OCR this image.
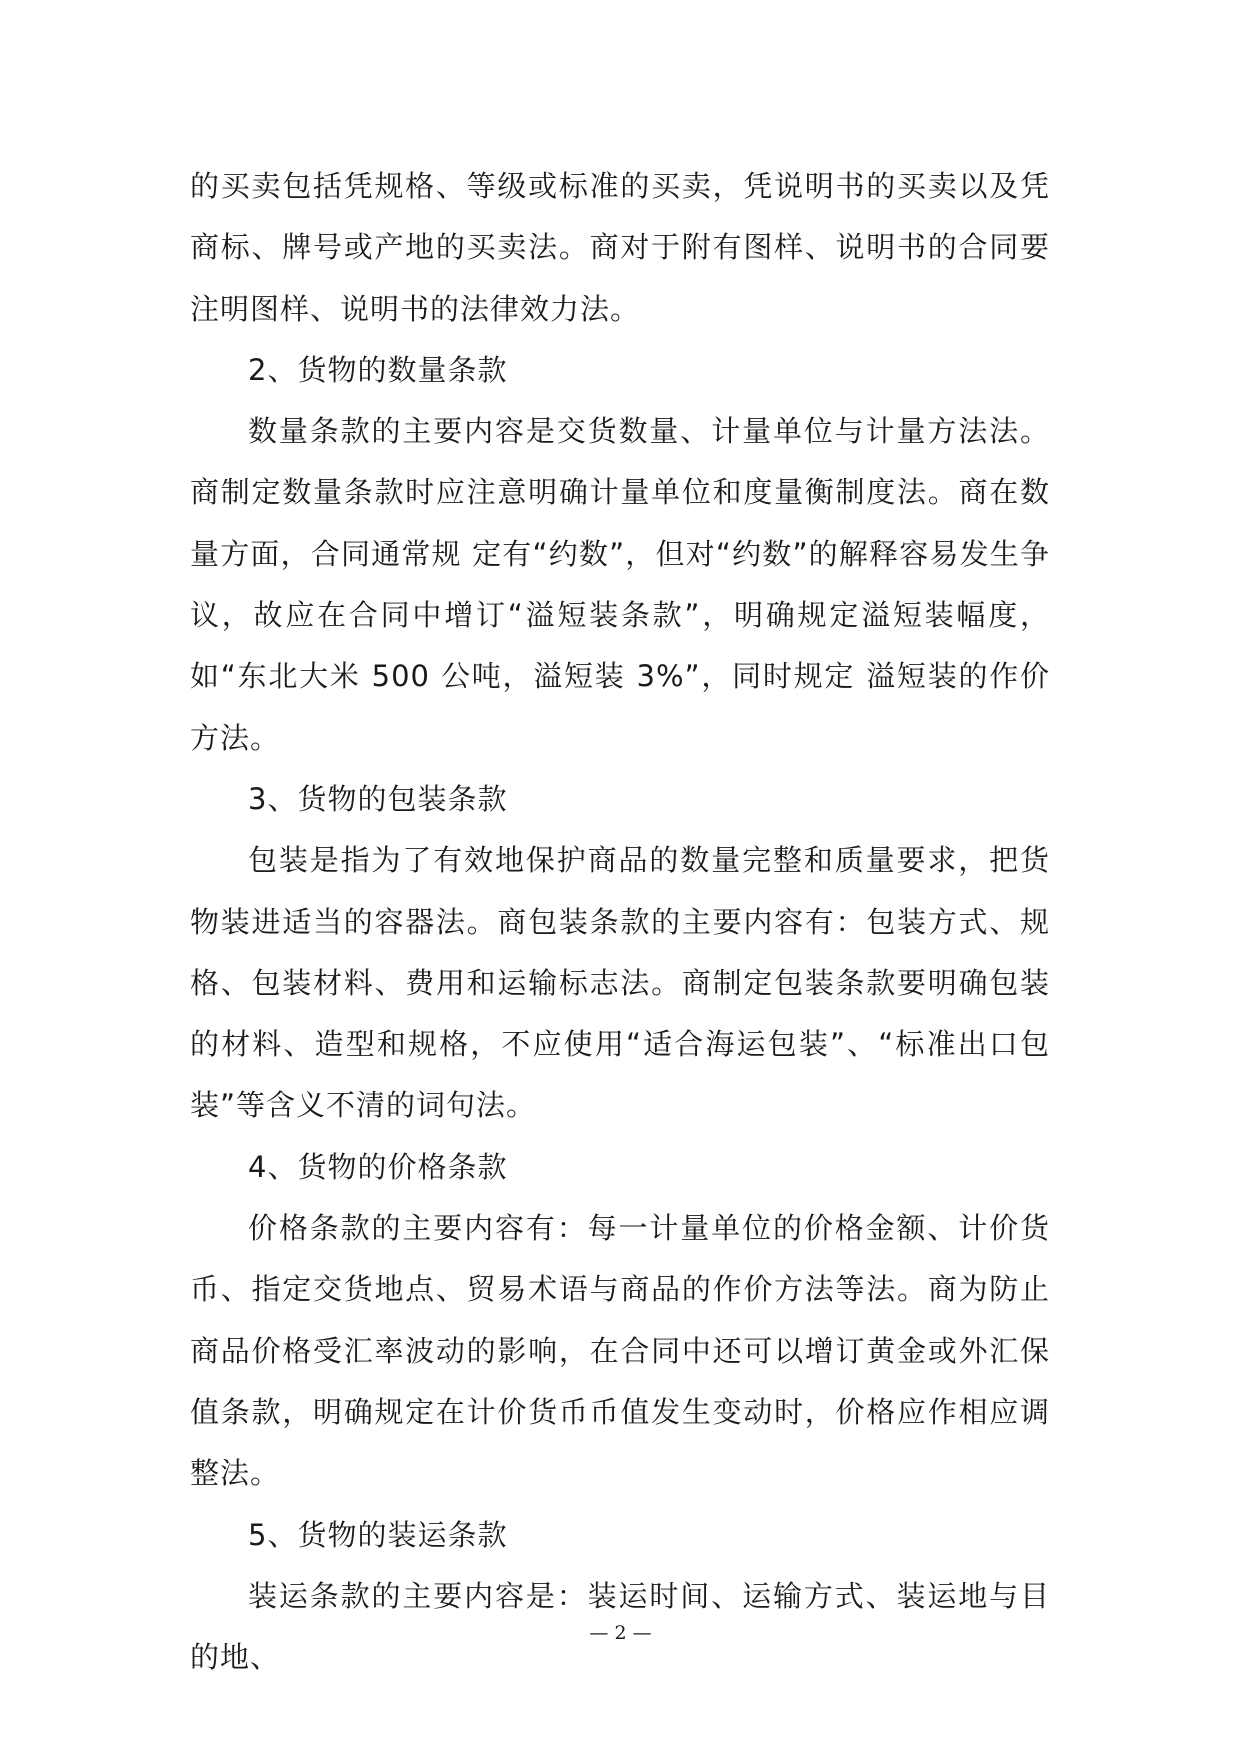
的买卖包括凭规格、等级或标准的买卖，凭说明书的买卖以及凭商标、牌号或产地的买卖法。商对于附有图样、说明书的合同要注明图样、说明书的法律效力法。

2、货物的数量条款

数量条款的主要内容是交货数量、计量单位与计量方法法。商制定数量条款时应注意明确计量单位和度量衡制度法。商在数量方面，合同通常规 定有“约数”，但对“约数”的解释容易发生争议，故应在合同中增订“溢短装条款”，明确规定溢短装幅度，如“东北大米 500 公吨，溢短装 3%”，同时规定 溢短装的作价方法。

3、货物的包装条款

包装是指为了有效地保护商品的数量完整和质量要求，把货物装进适当的容器法。商包装条款的主要内容有：包装方式、规格、包装材料、费用和运输标志法。商制定包装条款要明确包装的材料、造型和规格，不应使用“适合海运包装”、“标准出口包装”等含义不清的词句法。

4、货物的价格条款

价格条款的主要内容有：每一计量单位的价格金额、计价货币、指定交货地点、贸易术语与商品的作价方法等法。商为防止商品价格受汇率波动的影响，在合同中还可以增订黄金或外汇保值条款，明确规定在计价货币币值发生变动时，价格应作相应调整法。

5、货物的装运条款

装运条款的主要内容是：装运时间、运输方式、装运地与目的地、

— 2 —
